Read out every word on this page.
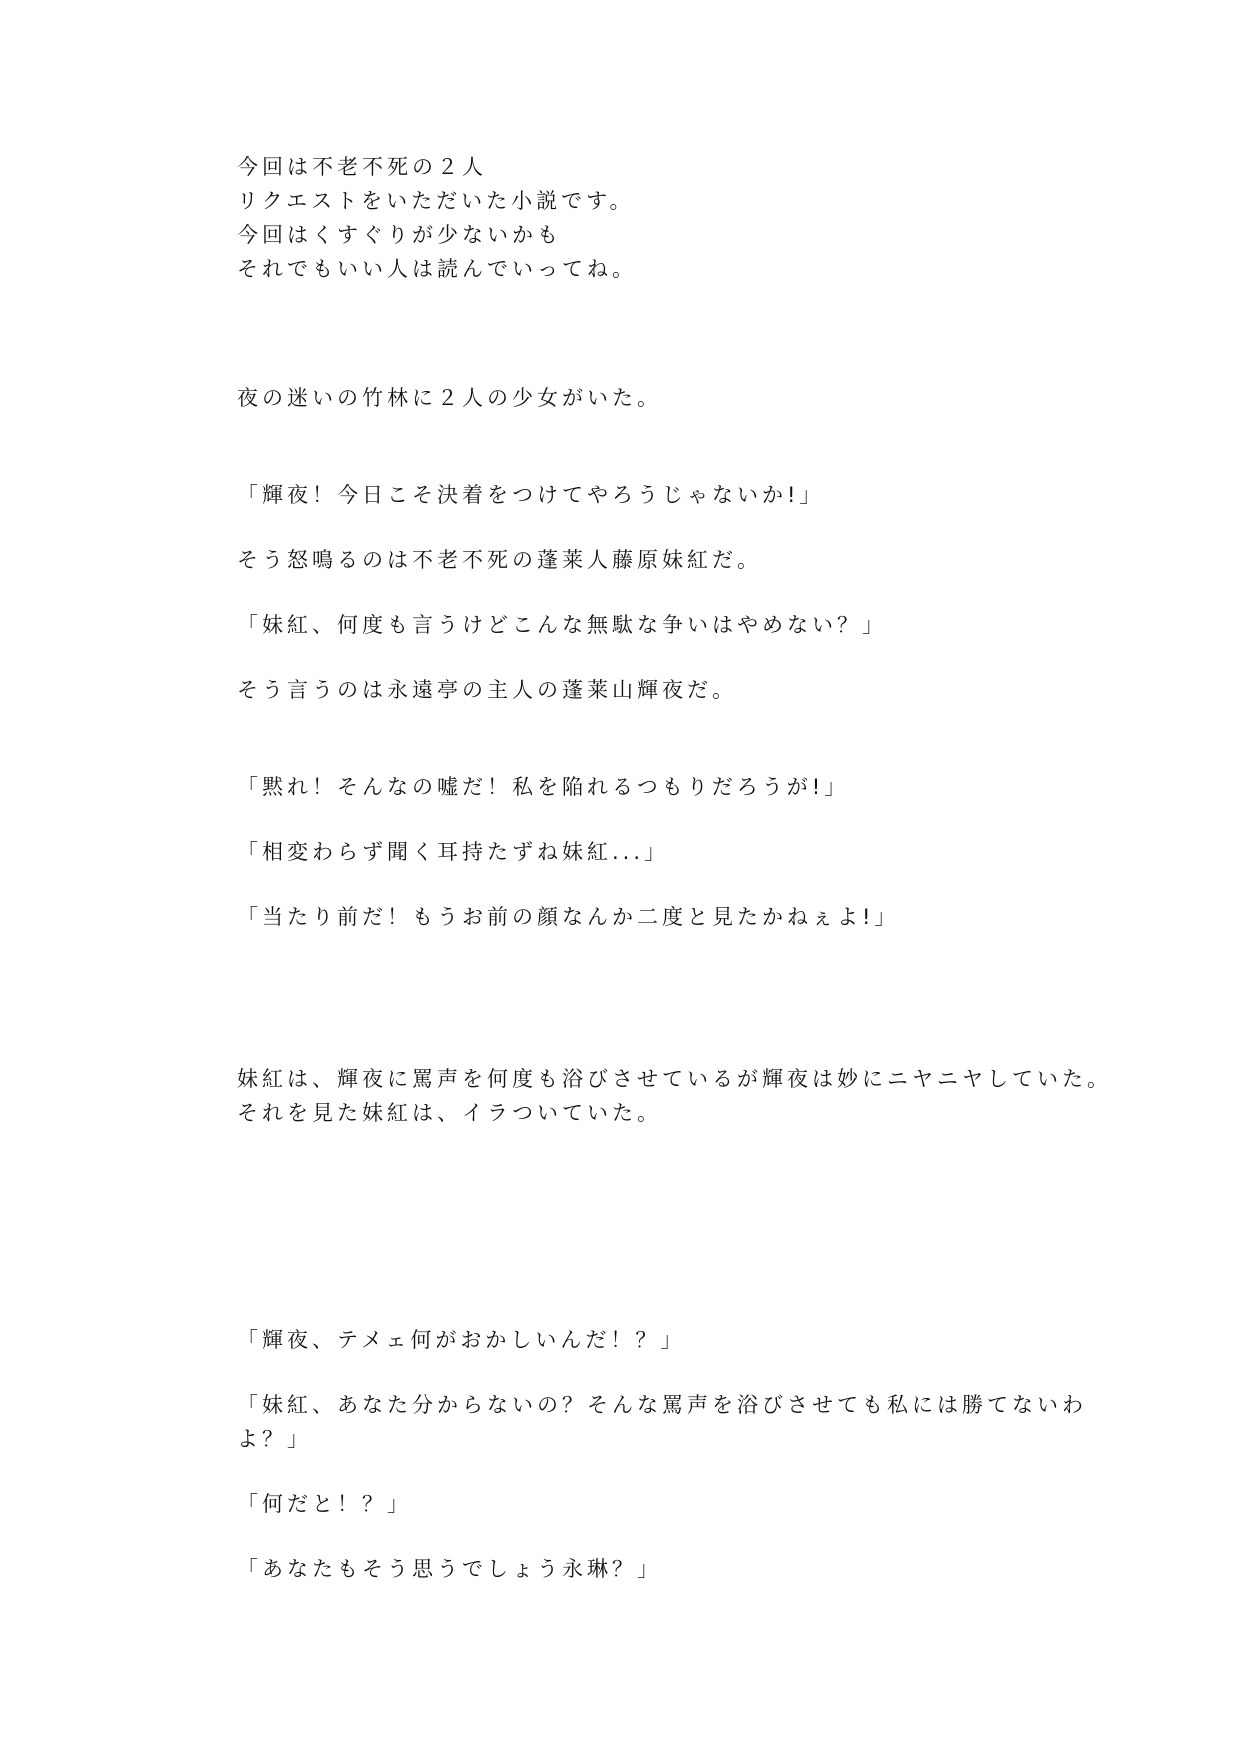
今回は不老不死の２人
リクエストをいただいた小説です。
今回はくすぐりが少ないかも
それでもいい人は読んでいってね。
夜の迷いの竹林に２人の少女がいた。
「輝夜！今日こそ決着をつけてやろうじゃないか!」
そう怒鳴るのは不老不死の蓬莱人藤原妹紅だ。
「妹紅、何度も言うけどこんな無駄な争いはやめない？」
そう言うのは永遠亭の主人の蓬莱山輝夜だ。
「黙れ！そんなの嘘だ！私を陥れるつもりだろうが!」
「相変わらず聞く耳持たずね妹紅...」
「当たり前だ！もうお前の顔なんか二度と見たかねぇよ!」
妹紅は、輝夜に罵声を何度も浴びさせているが輝夜は妙にニヤニヤしていた。
それを見た妹紅は、イラついていた。
「輝夜、テメェ何がおかしいんだ！？」
「妹紅、あなた分からないの？そんな罵声を浴びさせても私には勝てないわ
よ？」
「何だと！？」
「あなたもそう思うでしょう永琳？」
